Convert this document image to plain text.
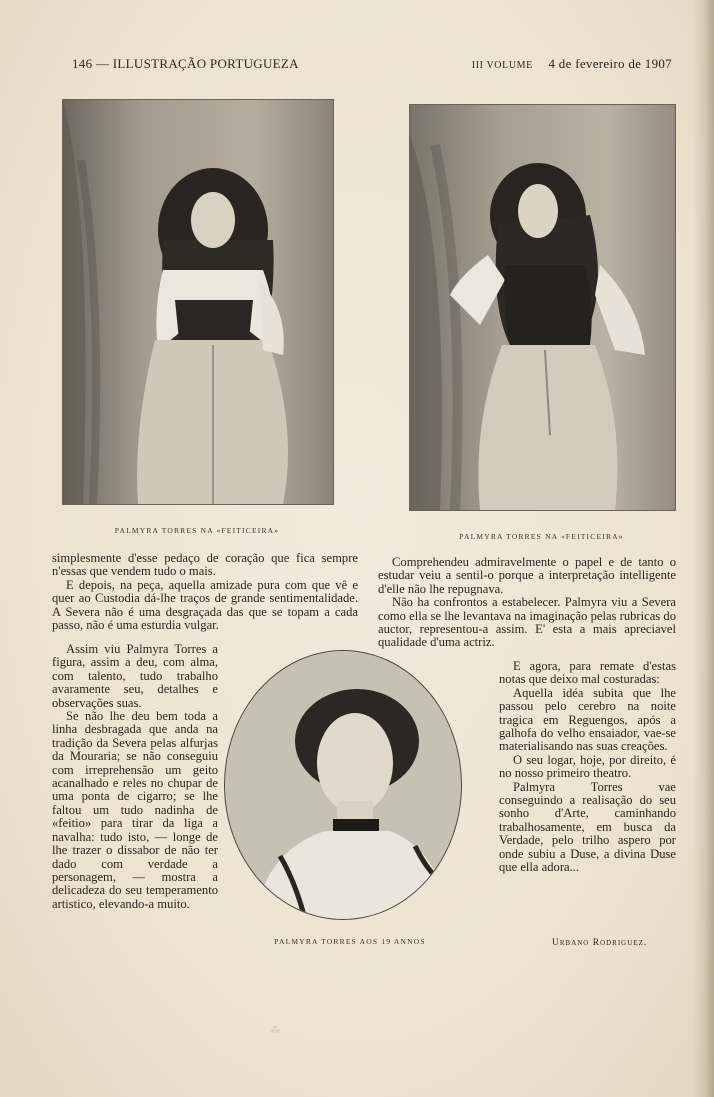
146 — ILLUSTRAÇÃO PORTUGUEZA	III VOLUME 4 de fevereiro de 1907
PALMYRA TORRES NA «FEITICEIRA»
PALMYRA TORRES NA «FEITICEIRA»
PALMYRA TORRES AOS 19 ANNOS

simplesmente d'esse pedaço de coração que fica sempre n'essas que vendem tudo o mais.

E depois, na peça, aquella amizade pura com que vê e quer ao Custodia dá-lhe traços de grande sentimentalidade. A Severa não é uma desgraçada das que se topam a cada passo, não é uma esturdia vulgar.

Assim viu Palmyra Torres a figura, assim a deu, com alma, com talento, tudo trabalho avaramente seu, detalhes e observações suas.

Se não lhe deu bem toda a linha desbragada que anda na tradição da Severa pelas alfurjas da Mouraria; se não conseguiu com irreprehensão um geito acanalhado e reles no chupar de uma ponta de cigarro; se lhe faltou um tudo nadinha de «feitio» para tirar da liga a navalha: tudo isto, — longe de lhe trazer o dissabor de não ter dado com verdade a personagem, — mostra a delicadeza do seu temperamento artistico, elevando-a muito.

Comprehendeu admiravelmente o papel e de tanto o estudar veiu a sentil-o porque a interpretação intelligente d'elle não lhe repugnava.

Não ha confrontos a estabelecer. Palmyra viu a Severa como ella se lhe levantava na imaginação pelas rubricas do auctor, representou-a assim. E' esta a mais apreciavel qualidade d'uma actriz.

E agora, para remate d'estas notas que deixo mal costuradas:

Aquella idéa subita que lhe passou pelo cerebro na noite tragica em Reguengos, após a galhofa do velho ensaiador, vae-se materialisando nas suas creações.

O seu logar, hoje, por direito, é no nosso primeiro theatro.

Palmyra Torres vae conseguindo a realisação do seu sonho d'Arte, caminhando trabalhosamente, em busca da Verdade, pelo trilho aspero por onde subiu a Duse, a divina Duse que ella adora...

Urbano Rodriguez.
⁂
